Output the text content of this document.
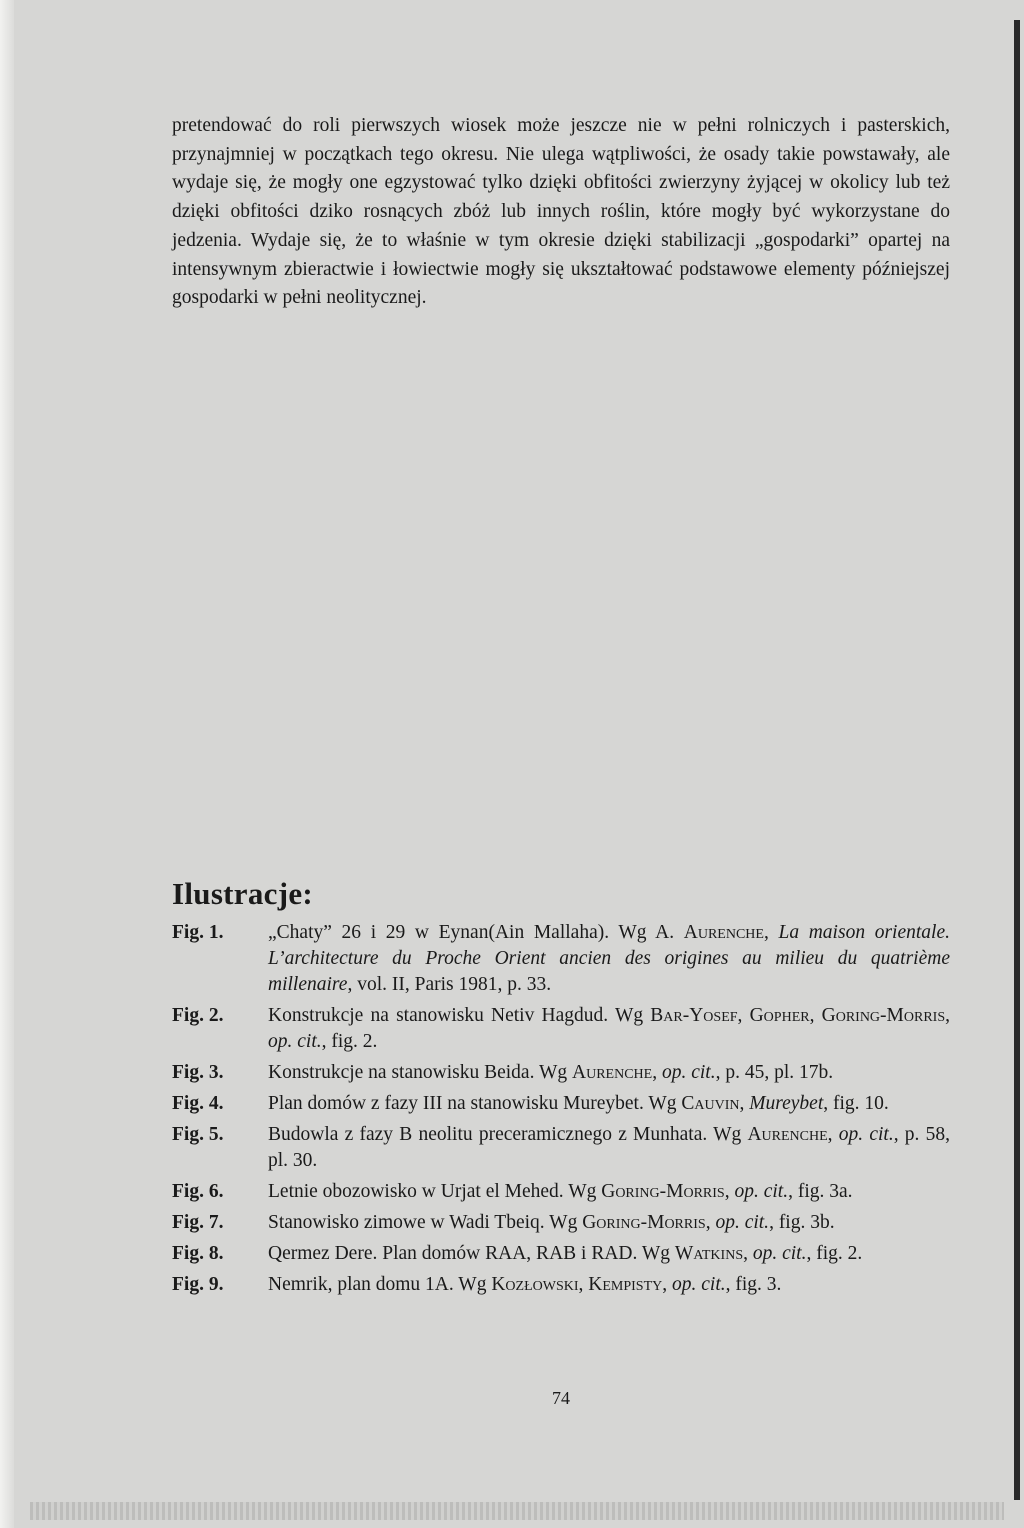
pretendować do roli pierwszych wiosek może jeszcze nie w pełni rolniczych i pasterskich, przynajmniej w początkach tego okresu. Nie ulega wątpliwości, że osady takie powstawały, ale wydaje się, że mogły one egzystować tylko dzięki obfitości zwierzyny żyjącej w okolicy lub też dzięki obfitości dziko rosnących zbóż lub innych roślin, które mogły być wykorzystane do jedzenia. Wydaje się, że to właśnie w tym okresie dzięki stabilizacji „gospodarki” opartej na intensywnym zbieractwie i łowiectwie mogły się ukształtować podstawowe elementy późniejszej gospodarki w pełni neolitycznej.

Ilustracje:
Fig. 1. „Chaty” 26 i 29 w Eynan(Ain Mallaha). Wg A. Aurenche, La maison orientale. L’architecture du Proche Orient ancien des origines au milieu du quatrième millenaire, vol. II, Paris 1981, p. 33.
Fig. 2. Konstrukcje na stanowisku Netiv Hagdud. Wg Bar-Yosef, Gopher, Goring-Morris, op. cit., fig. 2.
Fig. 3. Konstrukcje na stanowisku Beida. Wg Aurenche, op. cit., p. 45, pl. 17b.
Fig. 4. Plan domów z fazy III na stanowisku Mureybet. Wg Cauvin, Mureybet, fig. 10.
Fig. 5. Budowla z fazy B neolitu preceramicznego z Munhata. Wg Aurenche, op. cit., p. 58, pl. 30.
Fig. 6. Letnie obozowisko w Urjat el Mehed. Wg Goring-Morris, op. cit., fig. 3a.
Fig. 7. Stanowisko zimowe w Wadi Tbeiq. Wg Goring-Morris, op. cit., fig. 3b.
Fig. 8. Qermez Dere. Plan domów RAA, RAB i RAD. Wg Watkins, op. cit., fig. 2.
Fig. 9. Nemrik, plan domu 1A. Wg Kozłowski, Kempisty, op. cit., fig. 3.
74
